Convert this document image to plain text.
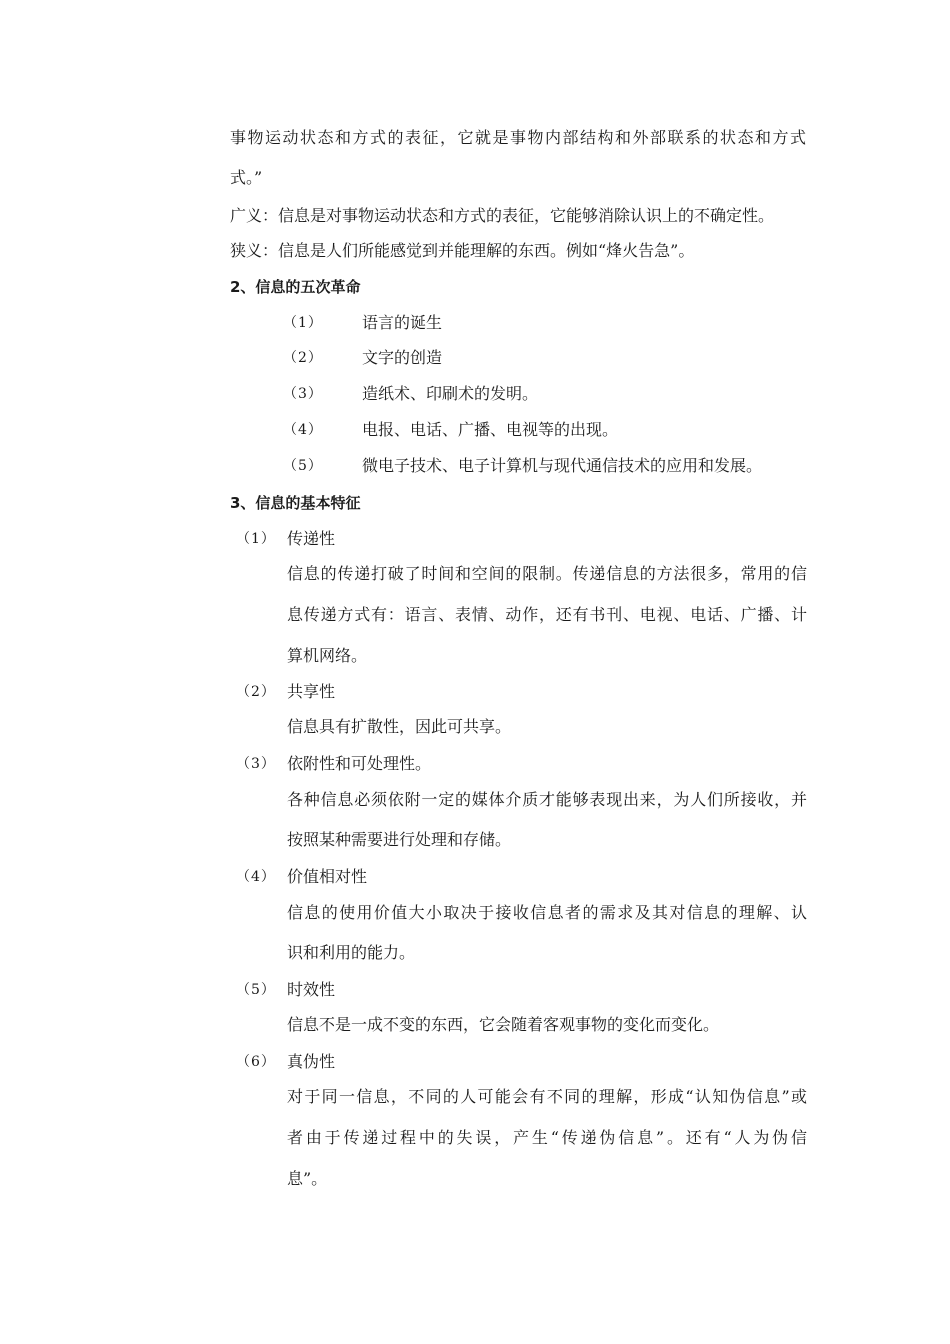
事物运动状态和方式的表征，它就是事物内部结构和外部联系的状态和方式
式。”
广义：信息是对事物运动状态和方式的表征，它能够消除认识上的不确定性。
狭义：信息是人们所能感觉到并能理解的东西。例如“烽火告急”。
2、信息的五次革命
（1） 语言的诞生
（2） 文字的创造
（3） 造纸术、印刷术的发明。
（4） 电报、电话、广播、电视等的出现。
（5） 微电子技术、电子计算机与现代通信技术的应用和发展。
3、信息的基本特征
（1） 传递性
信息的传递打破了时间和空间的限制。传递信息的方法很多，常用的信
息传递方式有：语言、表情、动作，还有书刊、电视、电话、广播、计
算机网络。
（2） 共享性
信息具有扩散性，因此可共享。
（3） 依附性和可处理性。
各种信息必须依附一定的媒体介质才能够表现出来，为人们所接收，并
按照某种需要进行处理和存储。
（4） 价值相对性
信息的使用价值大小取决于接收信息者的需求及其对信息的理解、认
识和利用的能力。
（5） 时效性
信息不是一成不变的东西，它会随着客观事物的变化而变化。
（6） 真伪性
对于同一信息，不同的人可能会有不同的理解，形成“认知伪信息”或
者由于传递过程中的失误，产生“传递伪信息”。还有“人为伪信
息”。
